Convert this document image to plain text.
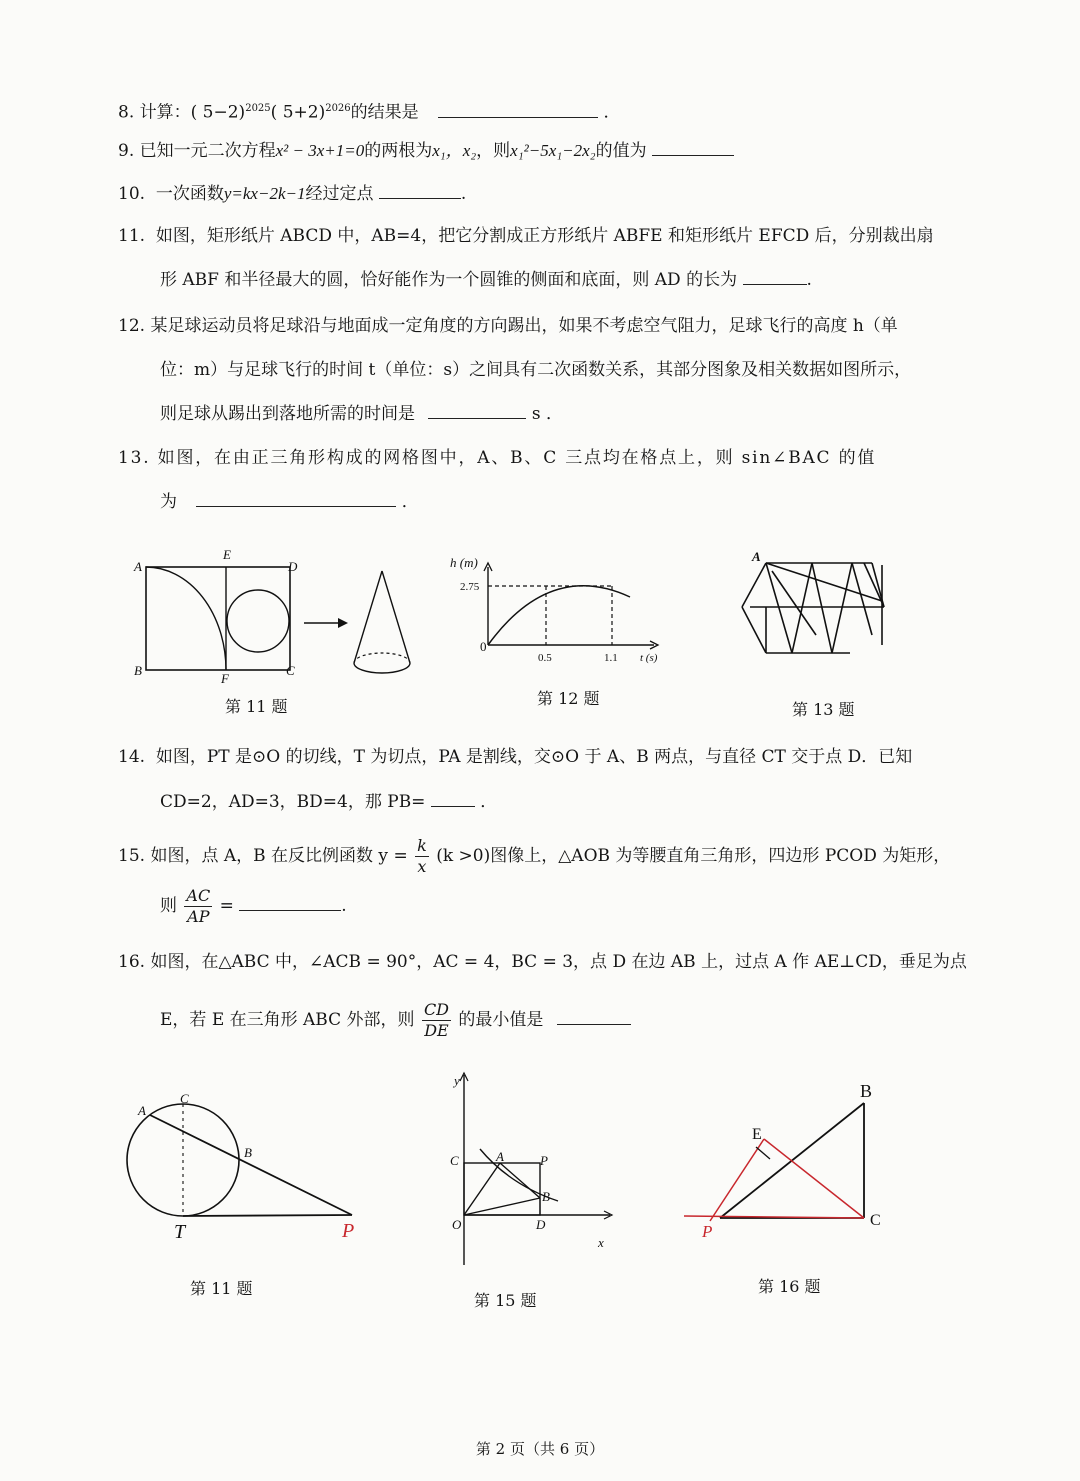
8. 计算：( 5−2)$^{2025}$( 5+2)$^{2026}$的结果是	．
9. 已知一元二次方程x² − 3x+1=0的两根为x₁，x₂，则x₁²−5x₁−2x₂的值为
10. 一次函数y=kx−2k−1经过定点	.
11. 如图，矩形纸片 ABCD 中，AB=4，把它分割成正方形纸片 ABFE 和矩形纸片 EFCD 后，分别裁出扇
形 ABF 和半径最大的圆，恰好能作为一个圆锥的侧面和底面，则 AD 的长为	.
12. 某足球运动员将足球沿与地面成一定角度的方向踢出，如果不考虑空气阻力，足球飞行的高度 h（单
位：m）与足球飞行的时间 t（单位：s）之间具有二次函数关系，其部分图象及相关数据如图所示，
则足球从踢出到落地所需的时间是	s ．
13. 如图，在由正三角形构成的网格图中，A、B、C 三点均在格点上，则 sin∠BAC 的值
为	．
A
E
D
B
F
C
第 11 题
h (m)
2.75
0.5	1.1 t (s)
0
第 12 题
A
第 13 题
14. 如图，PT 是⊙O 的切线，T 为切点，PA 是割线，交⊙O 于 A、B 两点，与直径 CT 交于点 D．已知
CD=2，AD=3，BD=4，那 PB=	．
15. 如图，点 A，B 在反比例函数 $y = \frac{k}{x} (k >0)$图像上，△AOB 为等腰直角三角形，四边形 PCOD 为矩形，
则 $\frac{AC}{AP}$ =	.
16. 如图，在△ABC 中，∠ACB = 90°，AC = 4，BC = 3，点 D 在边 AB 上，过点 A 作 AE⊥CD，垂足为点
E，若 E 在三角形 ABC 外部，则 $\frac{CD}{DE}$ 的最小值是
A
C
B
T	P
第 11 题
y
C	A	P
B
O	D
x
第 15 题
B
E
C
P
第 16 题
第 2 页（共 6 页）
